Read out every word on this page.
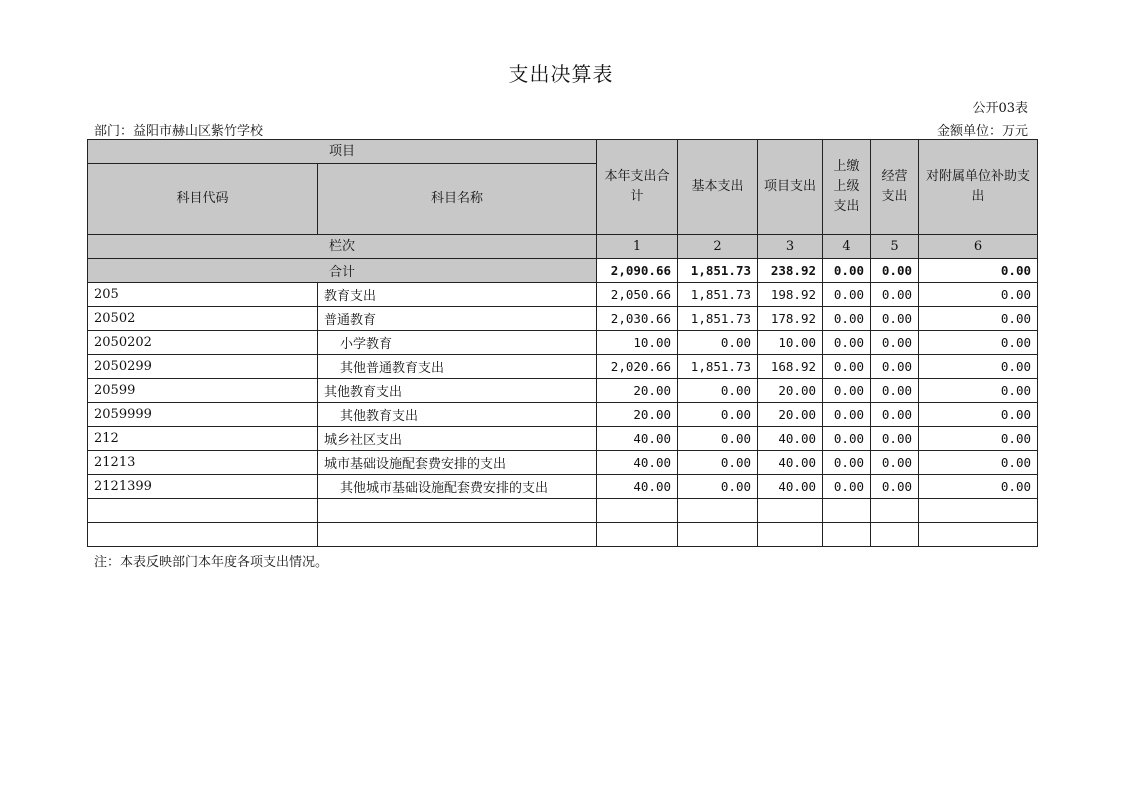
支出决算表
公开03表
部门：益阳市赫山区紫竹学校	金额单位：万元
项目		本年支出合计	基本支出	项目支出	上缴上级支出	经营支出	对附属单位补助支出
科目代码	科目名称						
栏次		1	2	3	4	5	6
合计		2,090.66	1,851.73	238.92	0.00	0.00	0.00
205	教育支出	2,050.66	1,851.73	198.92	0.00	0.00	0.00
20502	普通教育	2,030.66	1,851.73	178.92	0.00	0.00	0.00
2050202	小学教育	10.00	0.00	10.00	0.00	0.00	0.00
2050299	其他普通教育支出	2,020.66	1,851.73	168.92	0.00	0.00	0.00
20599	其他教育支出	20.00	0.00	20.00	0.00	0.00	0.00
2059999	其他教育支出	20.00	0.00	20.00	0.00	0.00	0.00
212	城乡社区支出	40.00	0.00	40.00	0.00	0.00	0.00
21213	城市基础设施配套费安排的支出	40.00	0.00	40.00	0.00	0.00	0.00
2121399	其他城市基础设施配套费安排的支出	40.00	0.00	40.00	0.00	0.00	0.00

注：本表反映部门本年度各项支出情况。
